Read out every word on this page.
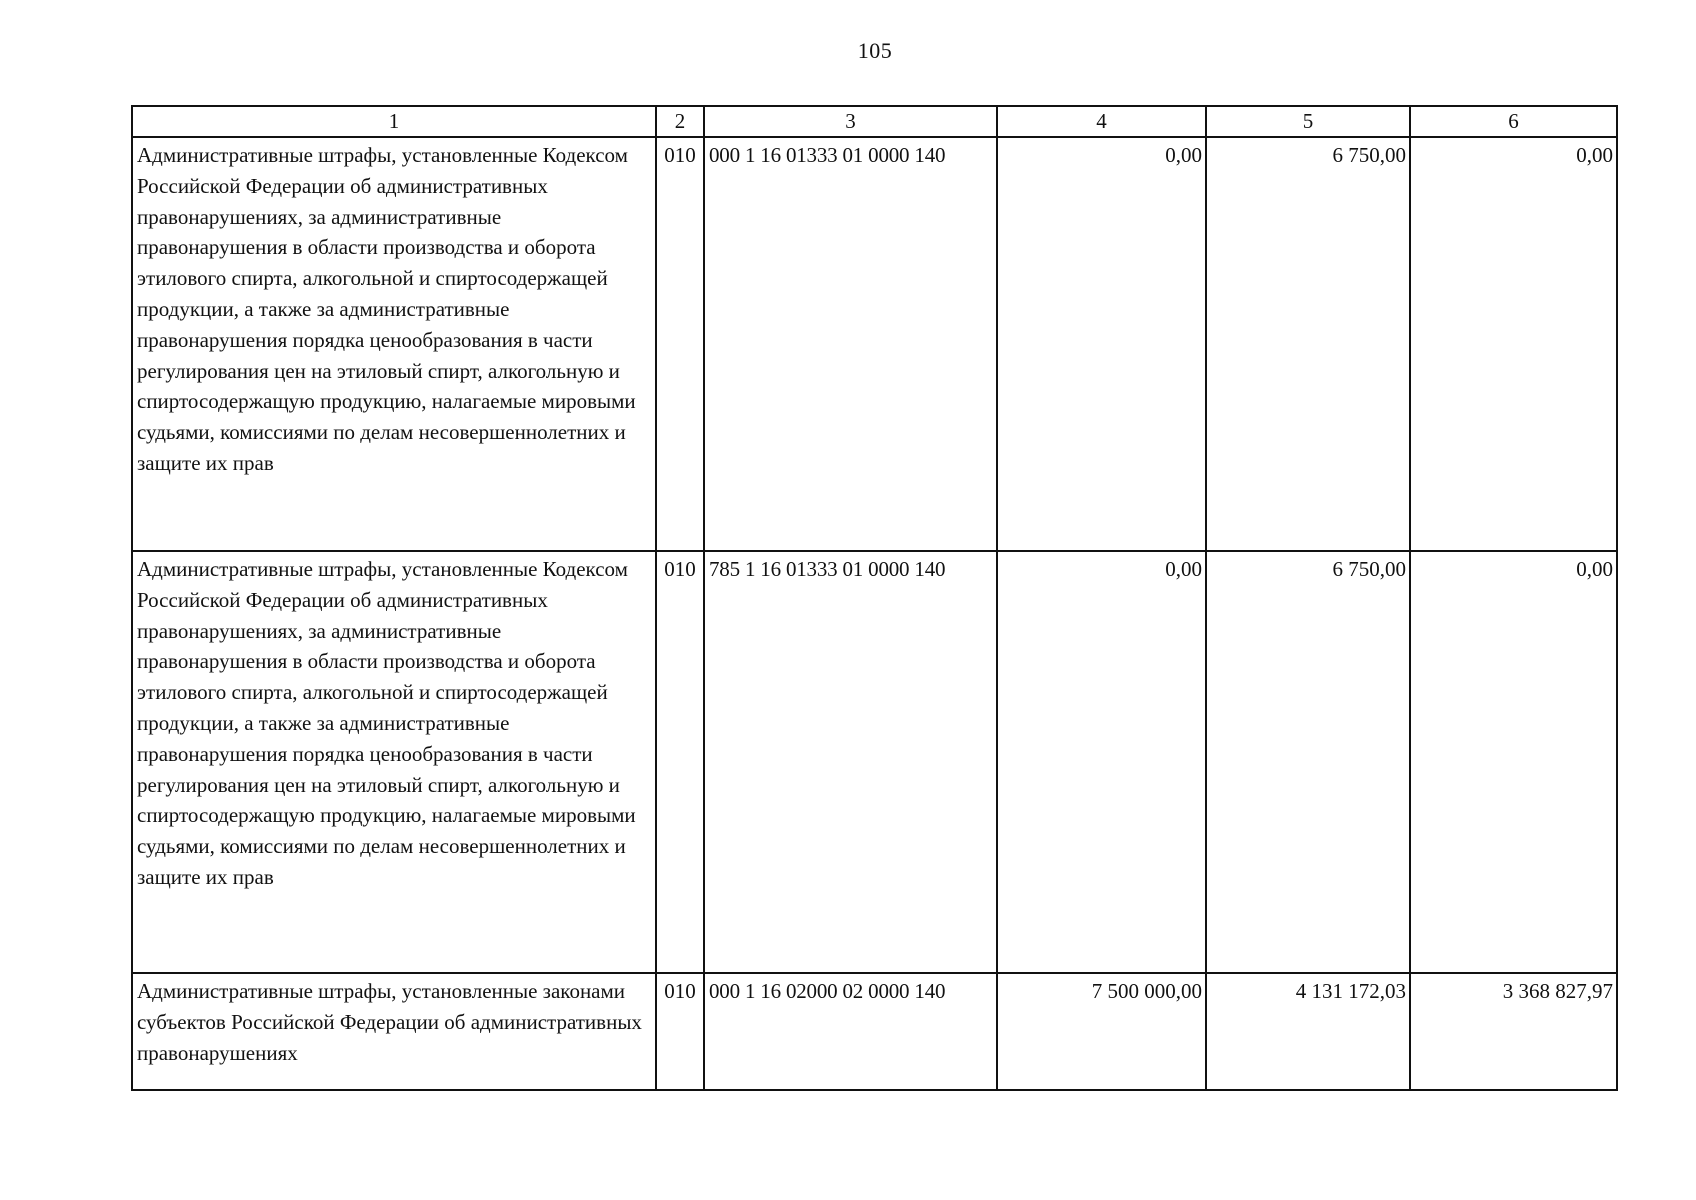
105
1	2	3	4	5	6
Административные штрафы, установленные Кодексом Российской Федерации об административных правонарушениях, за административные правонарушения в области производства и оборота этилового спирта, алкогольной и спиртосодержащей продукции, а также за административные правонарушения порядка ценообразования в части регулирования цен на этиловый спирт, алкогольную и спиртосодержащую продукцию, налагаемые мировыми судьями, комиссиями по делам несовершеннолетних и защите их прав	010	000 1 16 01333 01 0000 140	0,00	6 750,00	0,00
Административные штрафы, установленные Кодексом Российской Федерации об административных правонарушениях, за административные правонарушения в области производства и оборота этилового спирта, алкогольной и спиртосодержащей продукции, а также за административные правонарушения порядка ценообразования в части регулирования цен на этиловый спирт, алкогольную и спиртосодержащую продукцию, налагаемые мировыми судьями, комиссиями по делам несовершеннолетних и защите их прав	010	785 1 16 01333 01 0000 140	0,00	6 750,00	0,00
Административные штрафы, установленные законами субъектов Российской Федерации об административных правонарушениях	010	000 1 16 02000 02 0000 140	7 500 000,00	4 131 172,03	3 368 827,97
